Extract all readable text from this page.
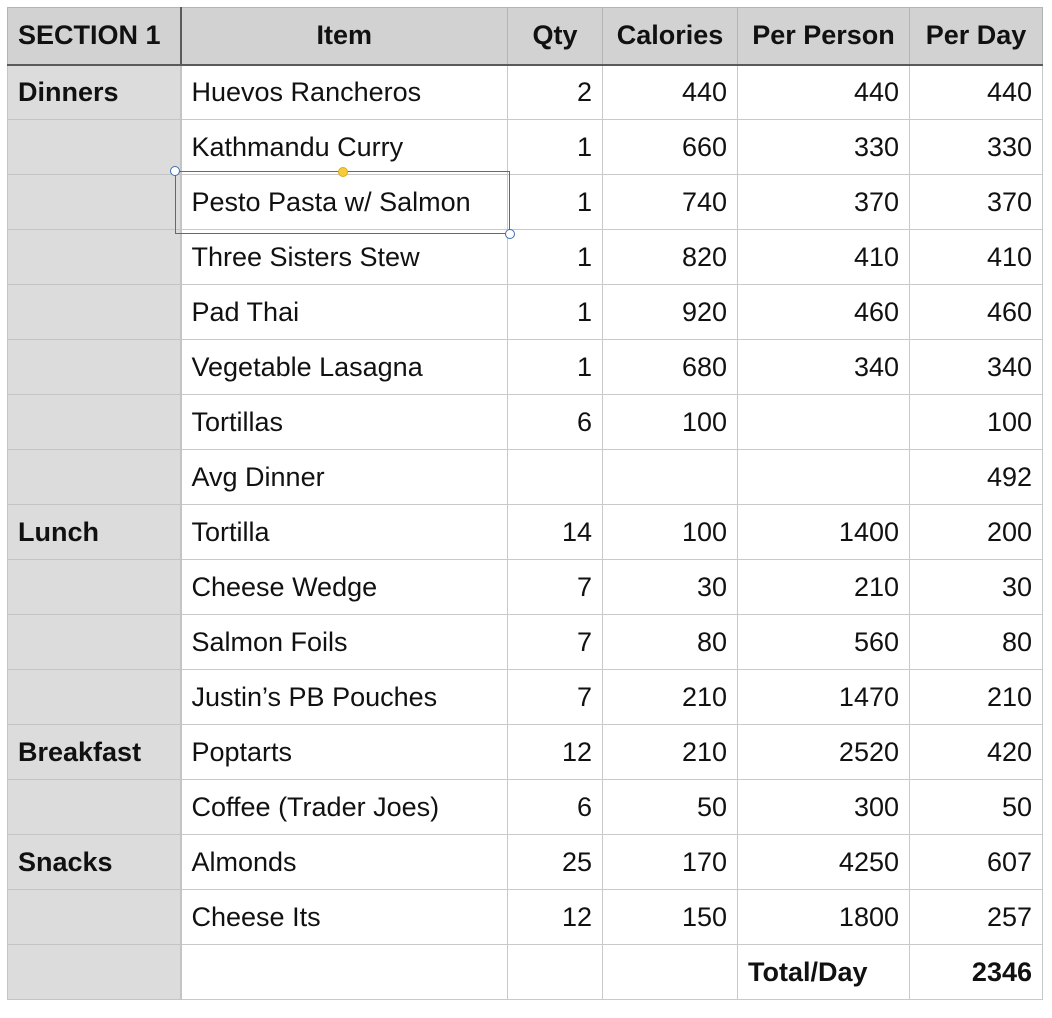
SECTION 1	Item	Qty	Calories	Per Person	Per Day
Dinners	Huevos Rancheros	2	440	440	440
	Kathmandu Curry	1	660	330	330
	Pesto Pasta w/ Salmon	1	740	370	370
	Three Sisters Stew	1	820	410	410
	Pad Thai	1	920	460	460
	Vegetable Lasagna	1	680	340	340
	Tortillas	6	100		100
	Avg Dinner				492
Lunch	Tortilla	14	100	1400	200
	Cheese Wedge	7	30	210	30
	Salmon Foils	7	80	560	80
	Justin’s PB Pouches	7	210	1470	210
Breakfast	Poptarts	12	210	2520	420
	Coffee (Trader Joes)	6	50	300	50
Snacks	Almonds	25	170	4250	607
	Cheese Its	12	150	1800	257
				Total/Day	2346
